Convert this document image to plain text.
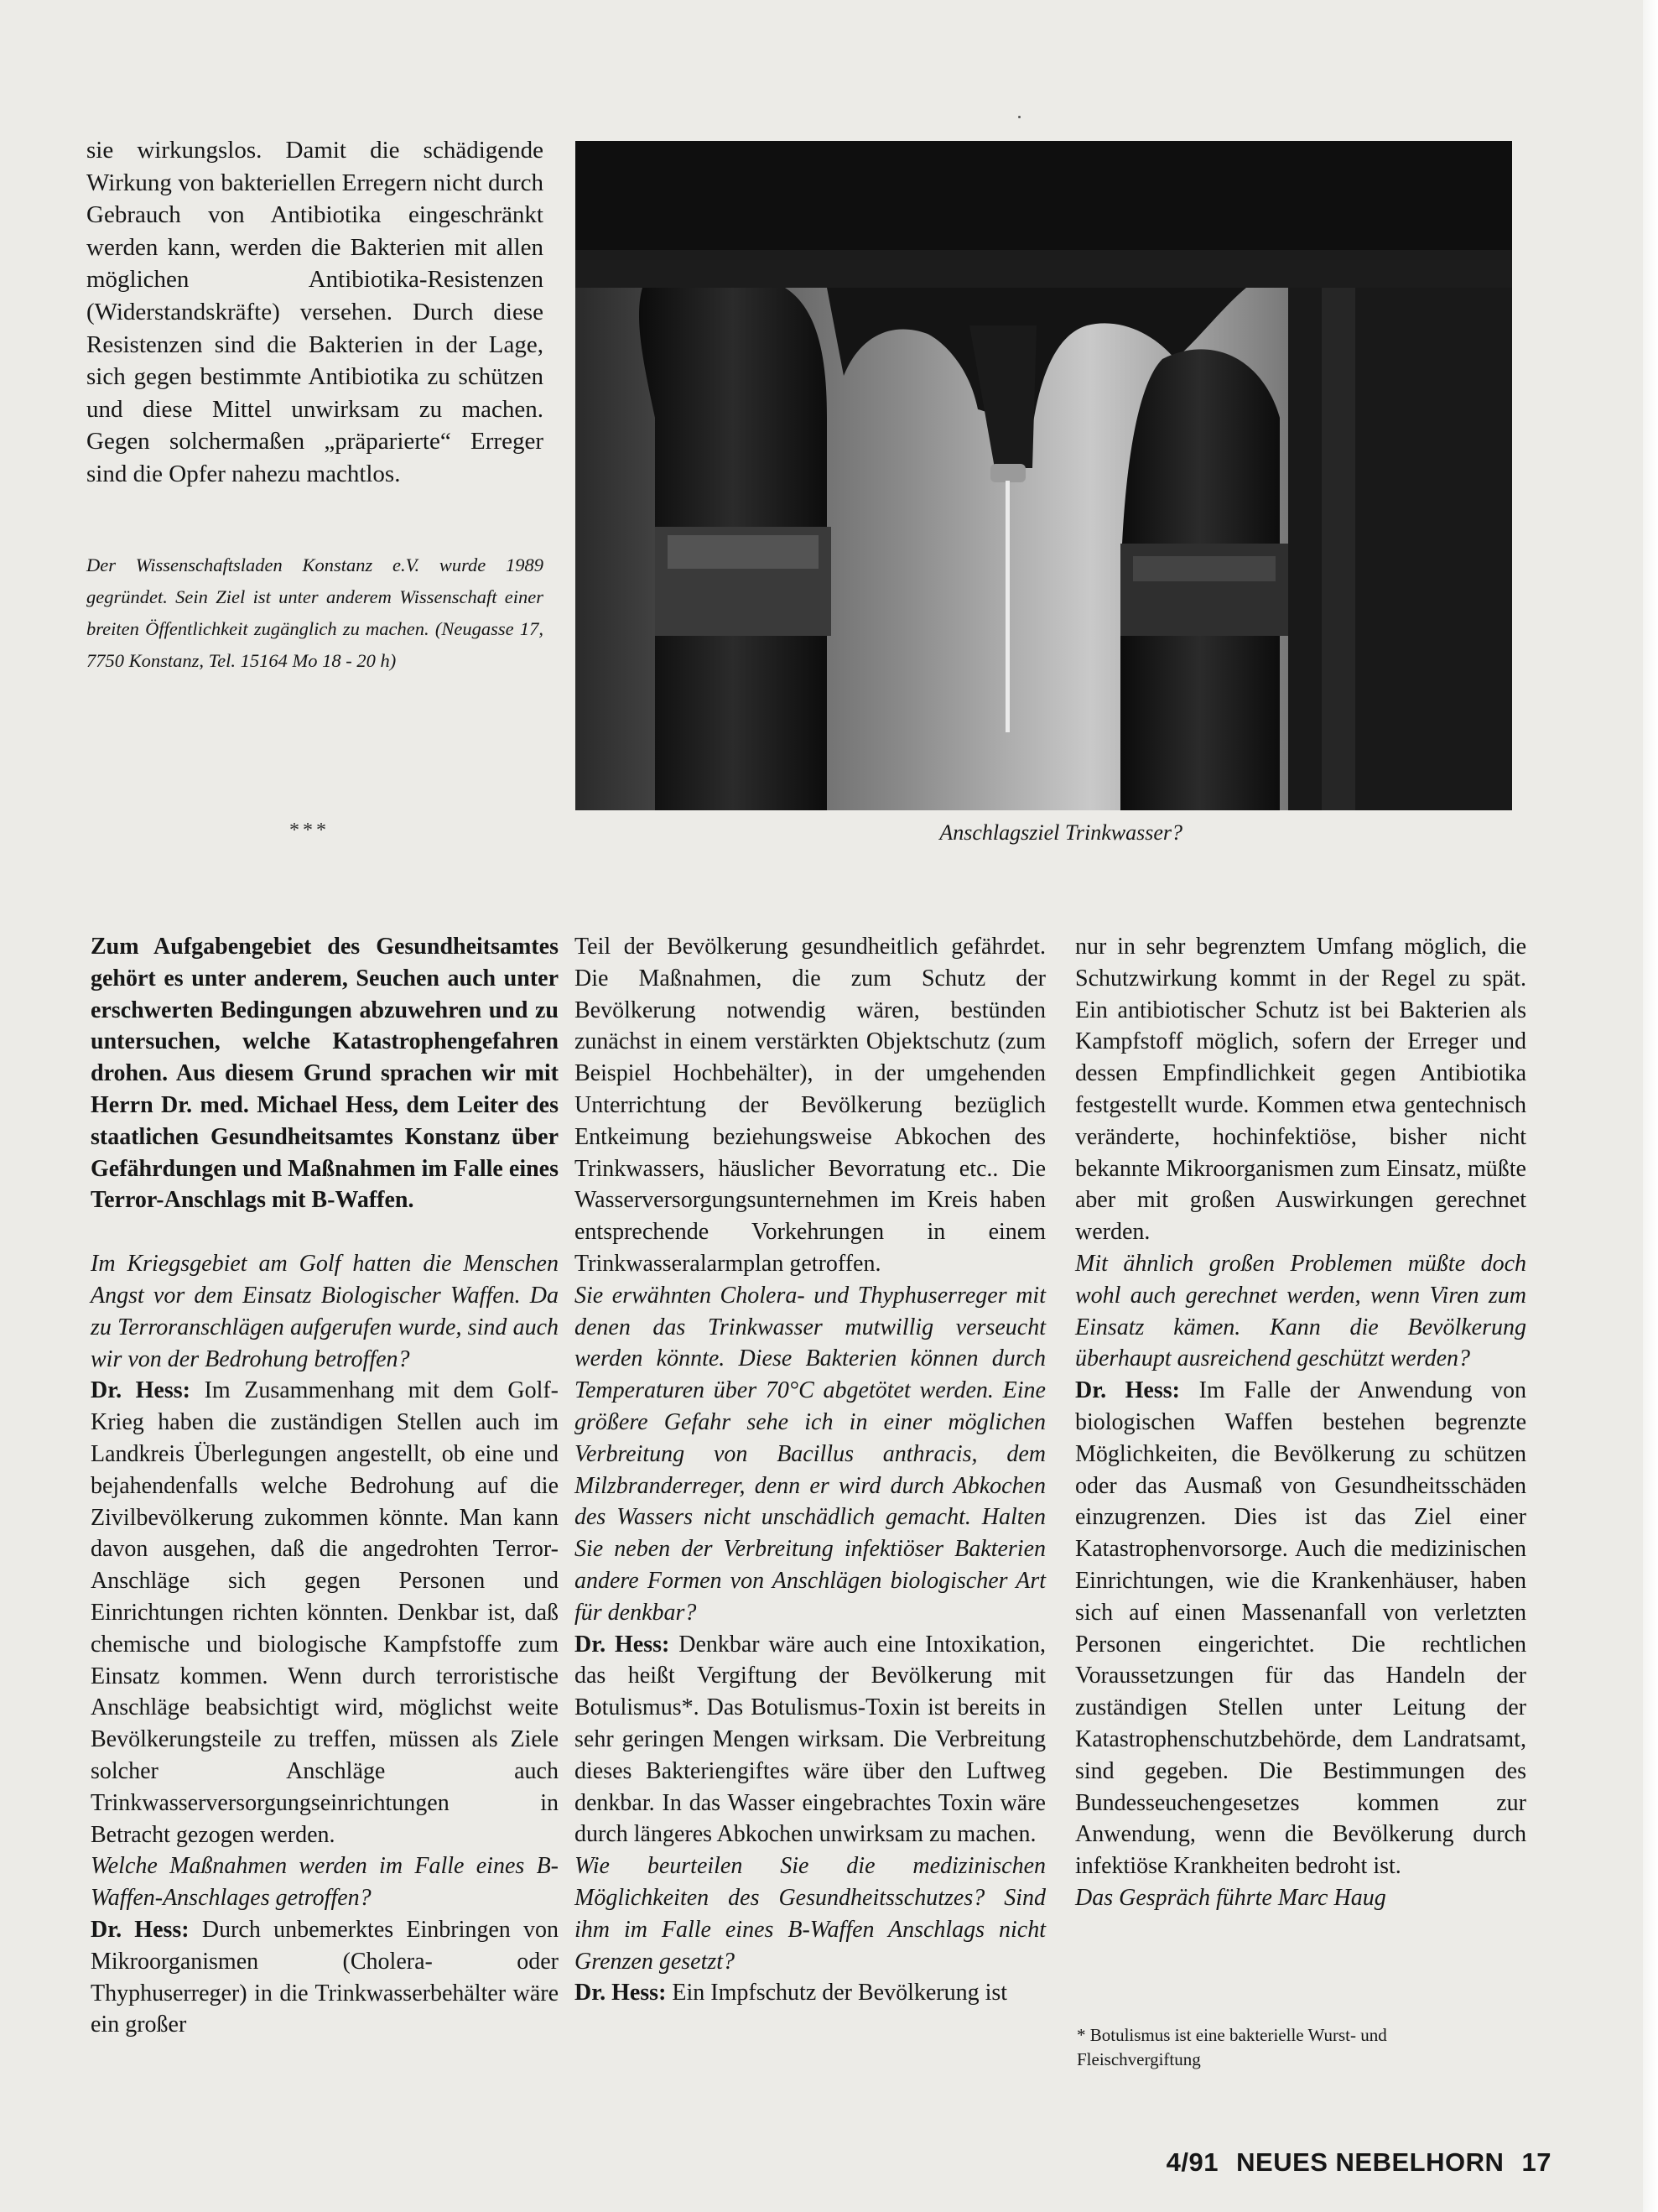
sie wirkungslos. Damit die schädigende Wirkung von bakteriellen Erregern nicht durch Gebrauch von Antibiotika eingeschränkt werden kann, werden die Bakterien mit allen möglichen Antibiotika-Resistenzen (Widerstandskräfte) versehen. Durch diese Resistenzen sind die Bakterien in der Lage, sich gegen bestimmte Antibiotika zu schützen und diese Mittel unwirksam zu machen. Gegen solchermaßen „präparierte“ Erreger sind die Opfer nahezu machtlos.

Der Wissenschaftsladen Konstanz e.V. wurde 1989 gegründet. Sein Ziel ist unter anderem Wissenschaft einer breiten Öffentlichkeit zugänglich zu machen. (Neugasse 17, 7750 Konstanz, Tel. 15164 Mo 18 - 20 h)

***	Anschlagsziel Trinkwasser?

Zum Aufgabengebiet des Gesundheitsamtes gehört es unter anderem, Seuchen auch unter erschwerten Bedingungen abzuwehren und zu untersuchen, welche Katastrophengefahren drohen. Aus diesem Grund sprachen wir mit Herrn Dr. med. Michael Hess, dem Leiter des staatlichen Gesundheitsamtes Konstanz über Gefährdungen und Maßnahmen im Falle eines Terror-Anschlags mit B-Waffen.

Im Kriegsgebiet am Golf hatten die Menschen Angst vor dem Einsatz Biologischer Waffen. Da zu Terroranschlägen aufgerufen wurde, sind auch wir von der Bedrohung betroffen?

Dr. Hess: Im Zusammenhang mit dem Golf-Krieg haben die zuständigen Stellen auch im Landkreis Überlegungen angestellt, ob eine und bejahendenfalls welche Bedrohung auf die Zivilbevölkerung zukommen könnte. Man kann davon ausgehen, daß die angedrohten Terror-Anschläge sich gegen Personen und Einrichtungen richten könnten. Denkbar ist, daß chemische und biologische Kampfstoffe zum Einsatz kommen. Wenn durch terroristische Anschläge beabsichtigt wird, möglichst weite Bevölkerungsteile zu treffen, müssen als Ziele solcher Anschläge auch Trinkwasserversorgungseinrichtungen in Betracht gezogen werden.

Welche Maßnahmen werden im Falle eines B-Waffen-Anschlages getroffen?

Dr. Hess: Durch unbemerktes Einbringen von Mikroorganismen (Cholera- oder Thyphuserreger) in die Trinkwasserbehälter wäre ein großer

Teil der Bevölkerung gesundheitlich gefährdet. Die Maßnahmen, die zum Schutz der Bevölkerung notwendig wären, bestünden zunächst in einem verstärkten Objektschutz (zum Beispiel Hochbehälter), in der umgehenden Unterrichtung der Bevölkerung bezüglich Entkeimung beziehungsweise Abkochen des Trinkwassers, häuslicher Bevorratung etc.. Die Wasserversorgungsunternehmen im Kreis haben entsprechende Vorkehrungen in einem Trinkwasseralarmplan getroffen.

Sie erwähnten Cholera- und Thyphuserreger mit denen das Trinkwasser mutwillig verseucht werden könnte. Diese Bakterien können durch Temperaturen über 70°C abgetötet werden. Eine größere Gefahr sehe ich in einer möglichen Verbreitung von Bacillus anthracis, dem Milzbranderreger, denn er wird durch Abkochen des Wassers nicht unschädlich gemacht. Halten Sie neben der Verbreitung infektiöser Bakterien andere Formen von Anschlägen biologischer Art für denkbar?

Dr. Hess: Denkbar wäre auch eine Intoxikation, das heißt Vergiftung der Bevölkerung mit Botulismus*. Das Botulismus-Toxin ist bereits in sehr geringen Mengen wirksam. Die Verbreitung dieses Bakteriengiftes wäre über den Luftweg denkbar. In das Wasser eingebrachtes Toxin wäre durch längeres Abkochen unwirksam zu machen.

Wie beurteilen Sie die medizinischen Möglichkeiten des Gesundheitsschutzes? Sind ihm im Falle eines B-Waffen Anschlags nicht Grenzen gesetzt?

Dr. Hess: Ein Impfschutz der Bevölkerung ist

nur in sehr begrenztem Umfang möglich, die Schutzwirkung kommt in der Regel zu spät. Ein antibiotischer Schutz ist bei Bakterien als Kampfstoff möglich, sofern der Erreger und dessen Empfindlichkeit gegen Antibiotika festgestellt wurde. Kommen etwa gentechnisch veränderte, hochinfektiöse, bisher nicht bekannte Mikroorganismen zum Einsatz, müßte aber mit großen Auswirkungen gerechnet werden.

Mit ähnlich großen Problemen müßte doch wohl auch gerechnet werden, wenn Viren zum Einsatz kämen. Kann die Bevölkerung überhaupt ausreichend geschützt werden?

Dr. Hess: Im Falle der Anwendung von biologischen Waffen bestehen begrenzte Möglichkeiten, die Bevölkerung zu schützen oder das Ausmaß von Gesundheitsschäden einzugrenzen. Dies ist das Ziel einer Katastrophenvorsorge. Auch die medizinischen Einrichtungen, wie die Krankenhäuser, haben sich auf einen Massenanfall von verletzten Personen eingerichtet. Die rechtlichen Voraussetzungen für das Handeln der zuständigen Stellen unter Leitung der Katastrophenschutzbehörde, dem Landratsamt, sind gegeben. Die Bestimmungen des Bundesseuchengesetzes kommen zur Anwendung, wenn die Bevölkerung durch infektiöse Krankheiten bedroht ist.

Das Gespräch führte Marc Haug

* Botulismus ist eine bakterielle Wurst- und Fleischvergiftung
4/91 NEUES NEBELHORN 17
